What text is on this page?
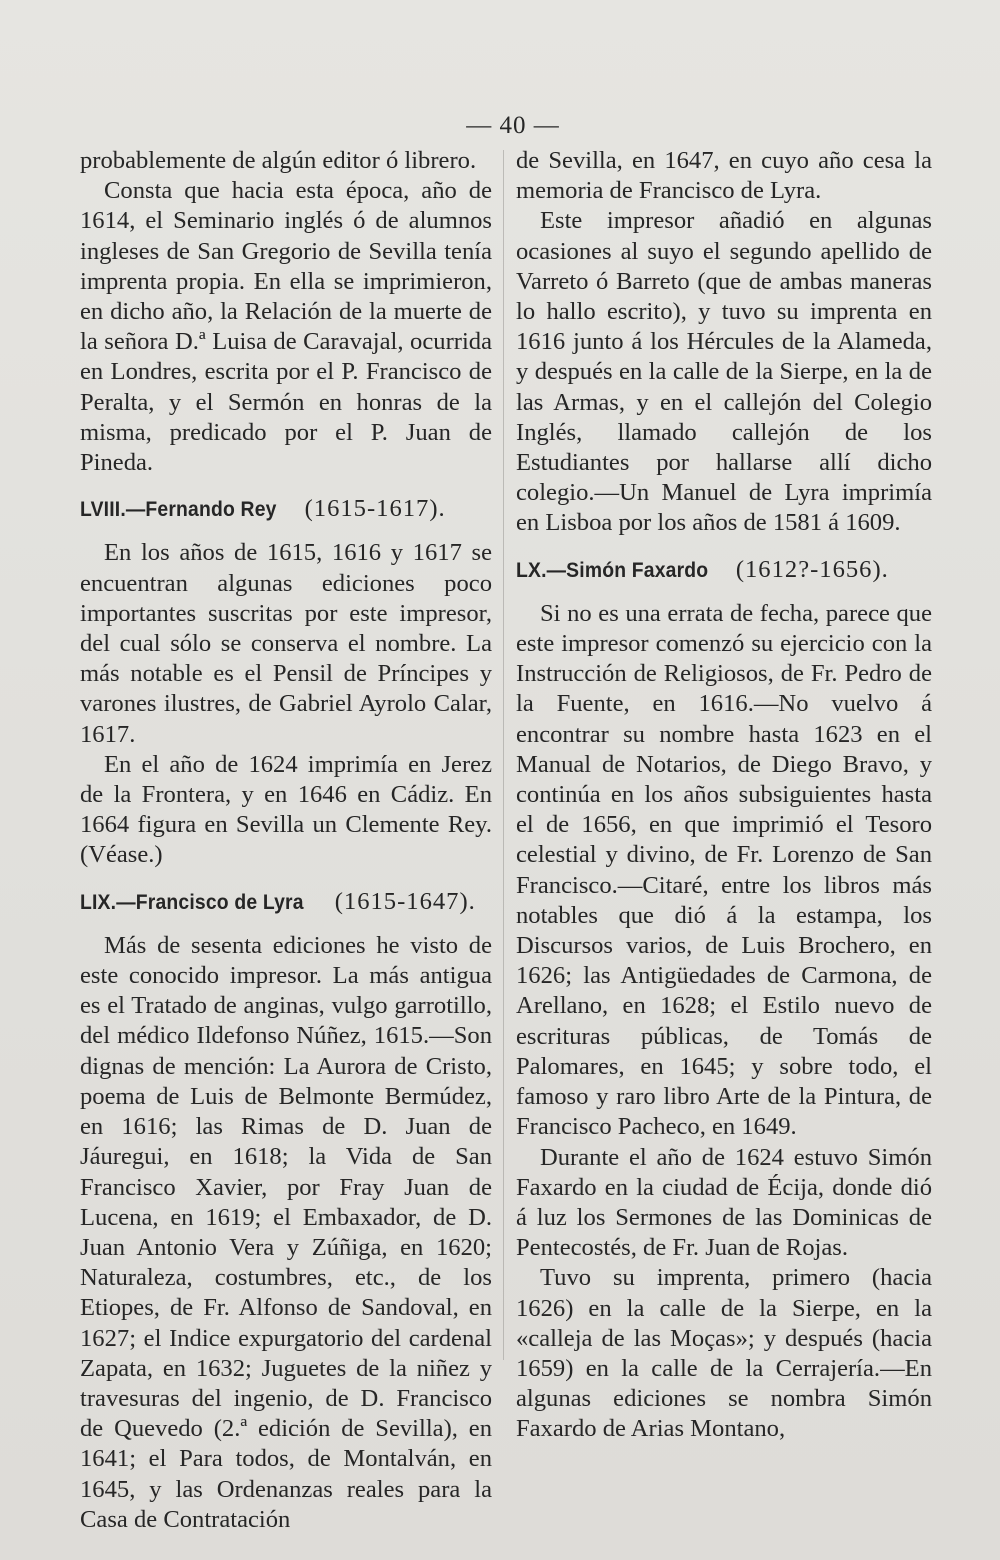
— 40 —

probablemente de algún editor ó librero.

Consta que hacia esta época, año de 1614, el Seminario inglés ó de alumnos ingleses de San Gregorio de Sevilla tenía imprenta propia. En ella se imprimieron, en dicho año, la Relación de la muerte de la señora D.ª Luisa de Caravajal, ocurrida en Londres, escrita por el P. Francisco de Peralta, y el Sermón en honras de la misma, predicado por el P. Juan de Pineda.

LVIII.—Fernando Rey (1615-1617).

En los años de 1615, 1616 y 1617 se encuentran algunas ediciones poco importantes suscritas por este impresor, del cual sólo se conserva el nombre. La más notable es el Pensil de Príncipes y varones ilustres, de Gabriel Ayrolo Calar, 1617.

En el año de 1624 imprimía en Jerez de la Frontera, y en 1646 en Cádiz. En 1664 figura en Sevilla un Clemente Rey. (Véase.)

LIX.—Francisco de Lyra (1615-1647).

Más de sesenta ediciones he visto de este conocido impresor. La más antigua es el Tratado de anginas, vulgo garrotillo, del médico Ildefonso Núñez, 1615.—Son dignas de mención: La Aurora de Cristo, poema de Luis de Belmonte Bermúdez, en 1616; las Rimas de D. Juan de Jáuregui, en 1618; la Vida de San Francisco Xavier, por Fray Juan de Lucena, en 1619; el Embaxador, de D. Juan Antonio Vera y Zúñiga, en 1620; Naturaleza, costumbres, etc., de los Etiopes, de Fr. Alfonso de Sandoval, en 1627; el Indice expurgatorio del cardenal Zapata, en 1632; Juguetes de la niñez y travesuras del ingenio, de D. Francisco de Quevedo (2.ª edición de Sevilla), en 1641; el Para todos, de Montalván, en 1645, y las Ordenanzas reales para la Casa de Contratación

de Sevilla, en 1647, en cuyo año cesa la memoria de Francisco de Lyra.

Este impresor añadió en algunas ocasiones al suyo el segundo apellido de Varreto ó Barreto (que de ambas maneras lo hallo escrito), y tuvo su imprenta en 1616 junto á los Hércules de la Alameda, y después en la calle de la Sierpe, en la de las Armas, y en el callejón del Colegio Inglés, llamado callejón de los Estudiantes por hallarse allí dicho colegio.—Un Manuel de Lyra imprimía en Lisboa por los años de 1581 á 1609.

LX.—Simón Faxardo (1612?-1656).

Si no es una errata de fecha, parece que este impresor comenzó su ejercicio con la Instrucción de Religiosos, de Fr. Pedro de la Fuente, en 1616.—No vuelvo á encontrar su nombre hasta 1623 en el Manual de Notarios, de Diego Bravo, y continúa en los años subsiguientes hasta el de 1656, en que imprimió el Tesoro celestial y divino, de Fr. Lorenzo de San Francisco.—Citaré, entre los libros más notables que dió á la estampa, los Discursos varios, de Luis Brochero, en 1626; las Antigüedades de Carmona, de Arellano, en 1628; el Estilo nuevo de escrituras públicas, de Tomás de Palomares, en 1645; y sobre todo, el famoso y raro libro Arte de la Pintura, de Francisco Pacheco, en 1649.

Durante el año de 1624 estuvo Simón Faxardo en la ciudad de Écija, donde dió á luz los Sermones de las Dominicas de Pentecostés, de Fr. Juan de Rojas.

Tuvo su imprenta, primero (hacia 1626) en la calle de la Sierpe, en la «calleja de las Moças»; y después (hacia 1659) en la calle de la Cerrajería.—En algunas ediciones se nombra Simón Faxardo de Arias Montano,
